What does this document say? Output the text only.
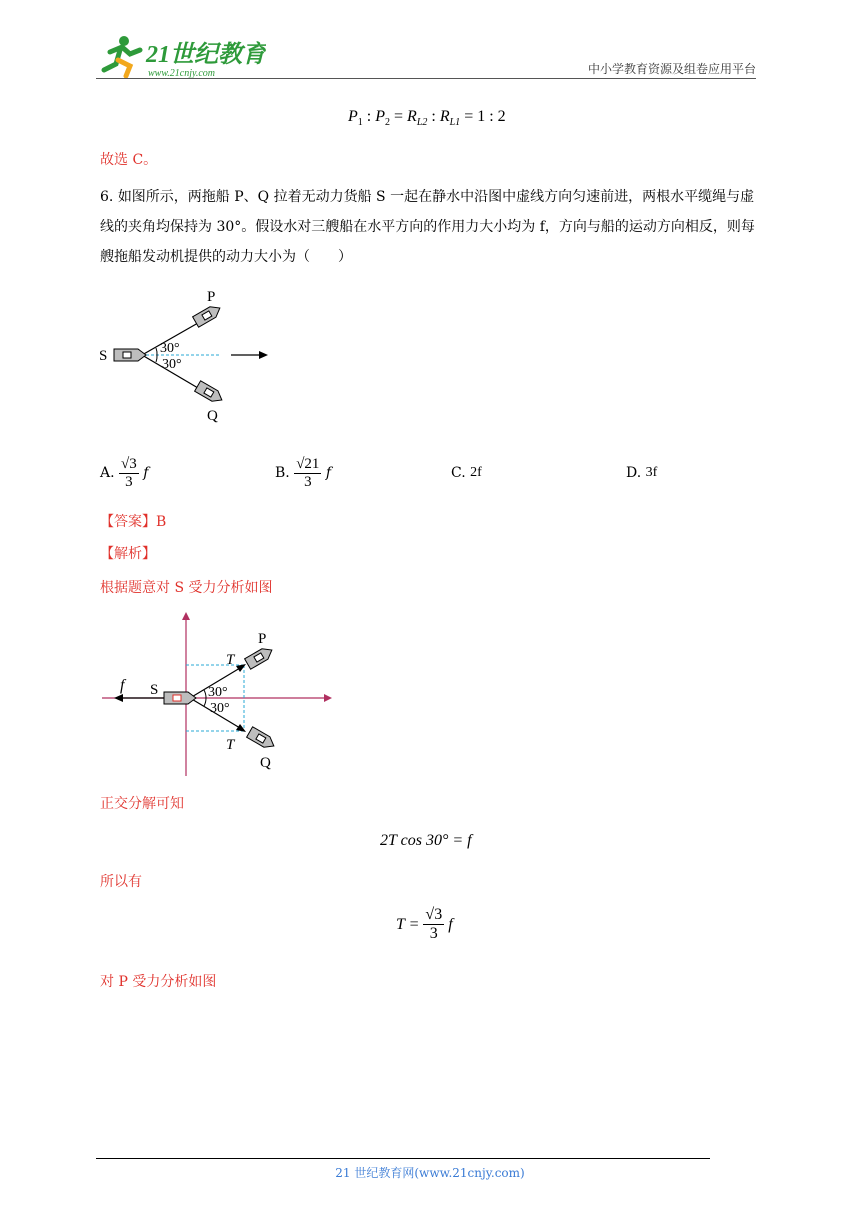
21世纪教育
www.21cnjy.com	中小学教育资源及组卷应用平台
$P_1$ : $P_2 = R_{L2}$ : $R_{L1} = 1$ : 2
故选 C。
6. 如图所示，两拖船 P、Q 拉着无动力货船 S 一起在静水中沿图中虚线方向匀速前进，两根水平缆绳与虚线的夹角均保持为 30°。假设水对三艘船在水平方向的作用力大小均为 f，方向与船的运动方向相反，则每艘拖船发动机提供的动力大小为（　　）
P
Q
S	30°
30°
A.
$\frac{√3}{3}$
f	B.
$\frac{√21}{3}$
f	C.
2f	D.
3f
【答案】B
【解析】
根据题意对 S 受力分析如图
f S
P
Q
T
T
30°
30°
正交分解可知
2T cos 30° = f
所以有
T =
$\frac{√3}{3}$
f
对 P 受力分析如图
21 世纪教育网(www.21cnjy.com)
